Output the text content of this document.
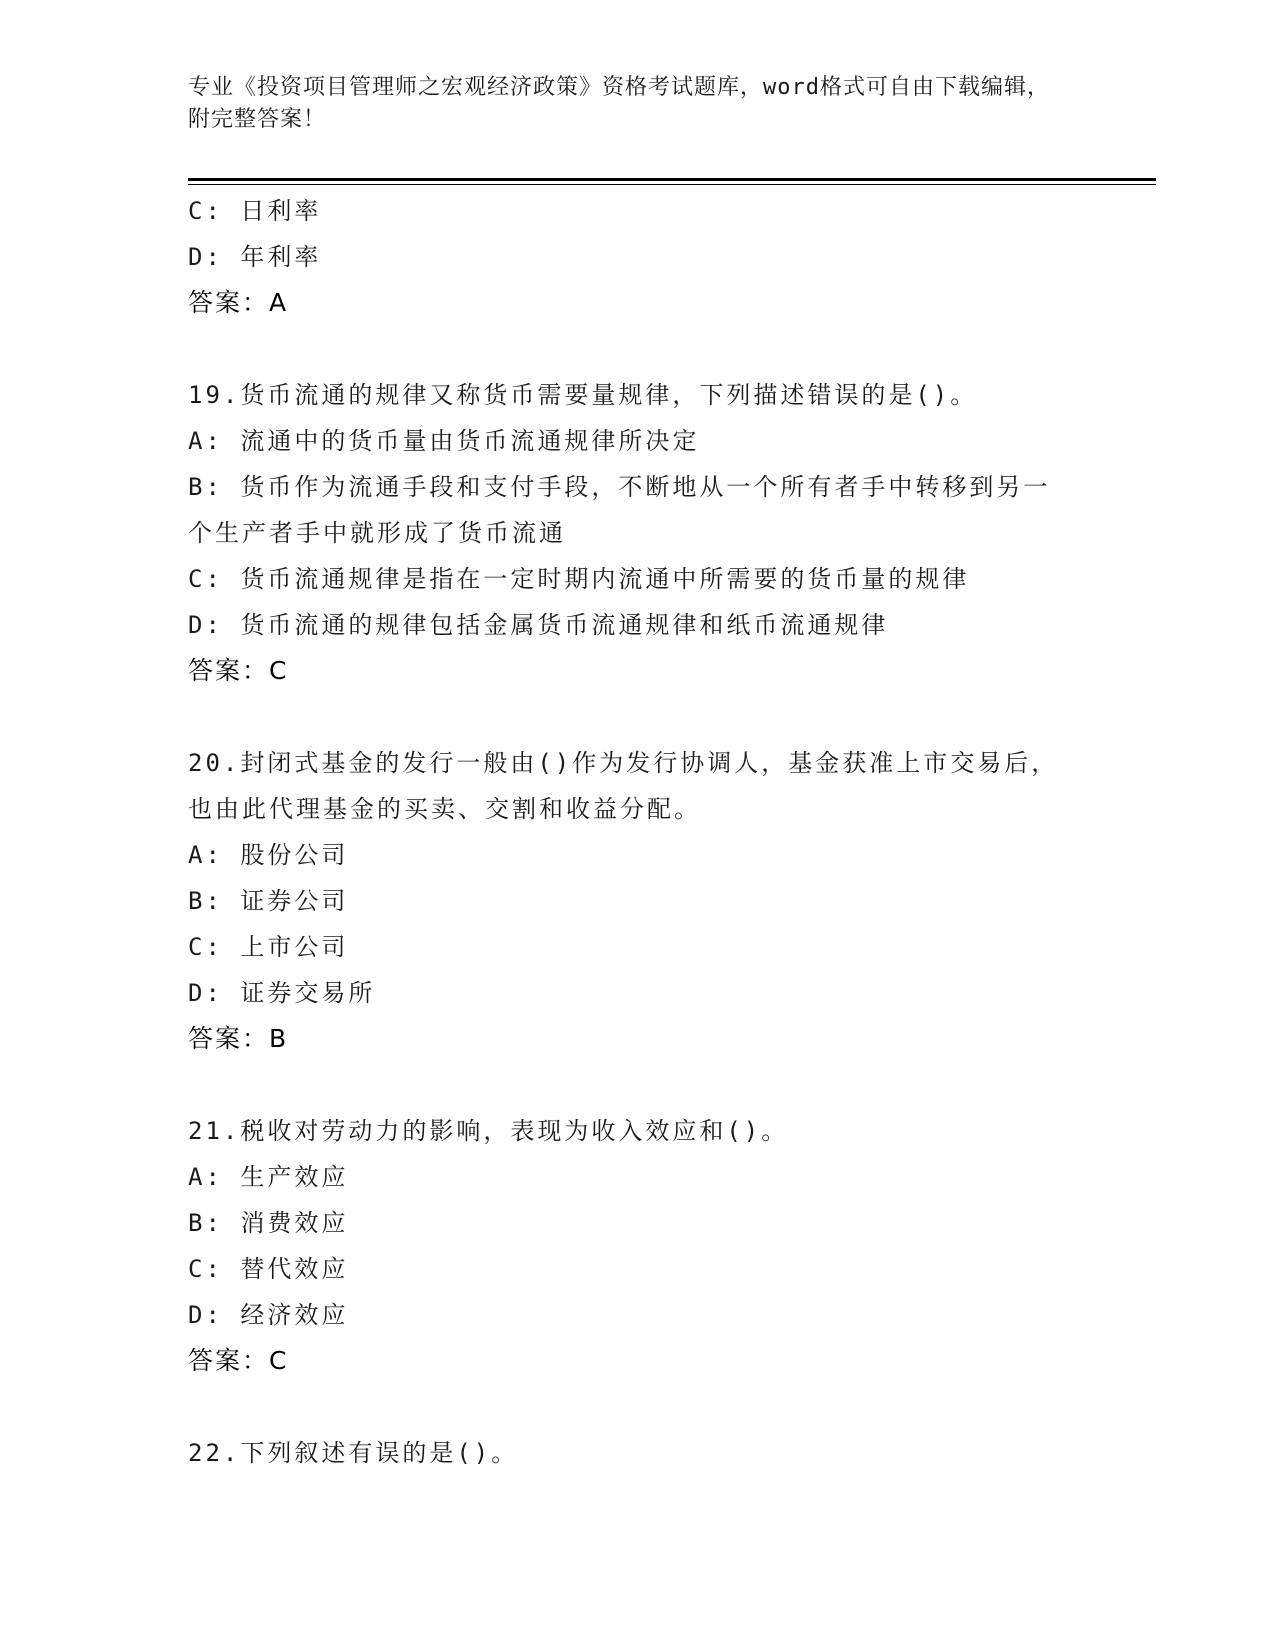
专业《投资项目管理师之宏观经济政策》资格考试题库，word格式可自由下载编辑，附完整答案！
C: 日利率
D: 年利率
答案：A
19.货币流通的规律又称货币需要量规律，下列描述错误的是()。
A: 流通中的货币量由货币流通规律所决定
B: 货币作为流通手段和支付手段，不断地从一个所有者手中转移到另一个生产者手中就形成了货币流通
C: 货币流通规律是指在一定时期内流通中所需要的货币量的规律
D: 货币流通的规律包括金属货币流通规律和纸币流通规律
答案：C
20.封闭式基金的发行一般由()作为发行协调人，基金获准上市交易后，也由此代理基金的买卖、交割和收益分配。
A: 股份公司
B: 证券公司
C: 上市公司
D: 证券交易所
答案：B
21.税收对劳动力的影响，表现为收入效应和()。
A: 生产效应
B: 消费效应
C: 替代效应
D: 经济效应
答案：C
22.下列叙述有误的是()。
